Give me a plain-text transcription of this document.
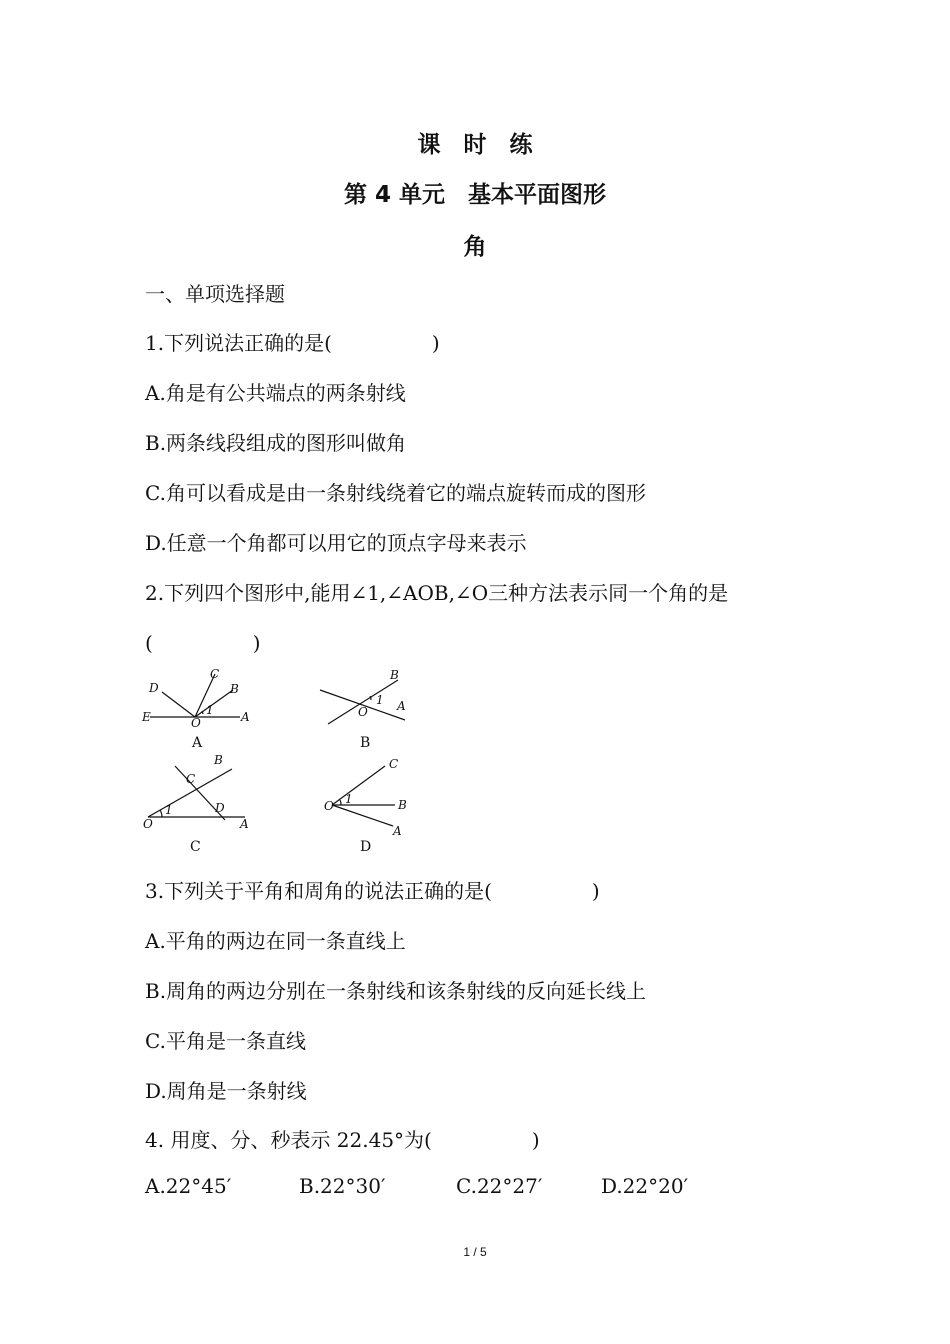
课　时　练
第 4 单元　基本平面图形
角
一、单项选择题
1.下列说法正确的是(　　　　　)
A.角是有公共端点的两条射线
B.两条线段组成的图形叫做角
C.角可以看成是由一条射线绕着它的端点旋转而成的图形
D.任意一个角都可以用它的顶点字母来表示
2.下列四个图形中,能用∠1,∠AOB,∠O三种方法表示同一个角的是
(　　　　　)
D
C
B
E	O
1 A
A
B
1
O A
B
B
C
1	D
O	A
C
C
1	B
O
A
D
3.下列关于平角和周角的说法正确的是(　　　　　)
A.平角的两边在同一条直线上
B.周角的两边分别在一条射线和该条射线的反向延长线上
C.平角是一条直线
D.周角是一条射线
4. 用度、分、秒表示 22.45°为(　　　　　)
A.22°45′	B.22°30′	C.22°27′	D.22°20′
1 / 5
